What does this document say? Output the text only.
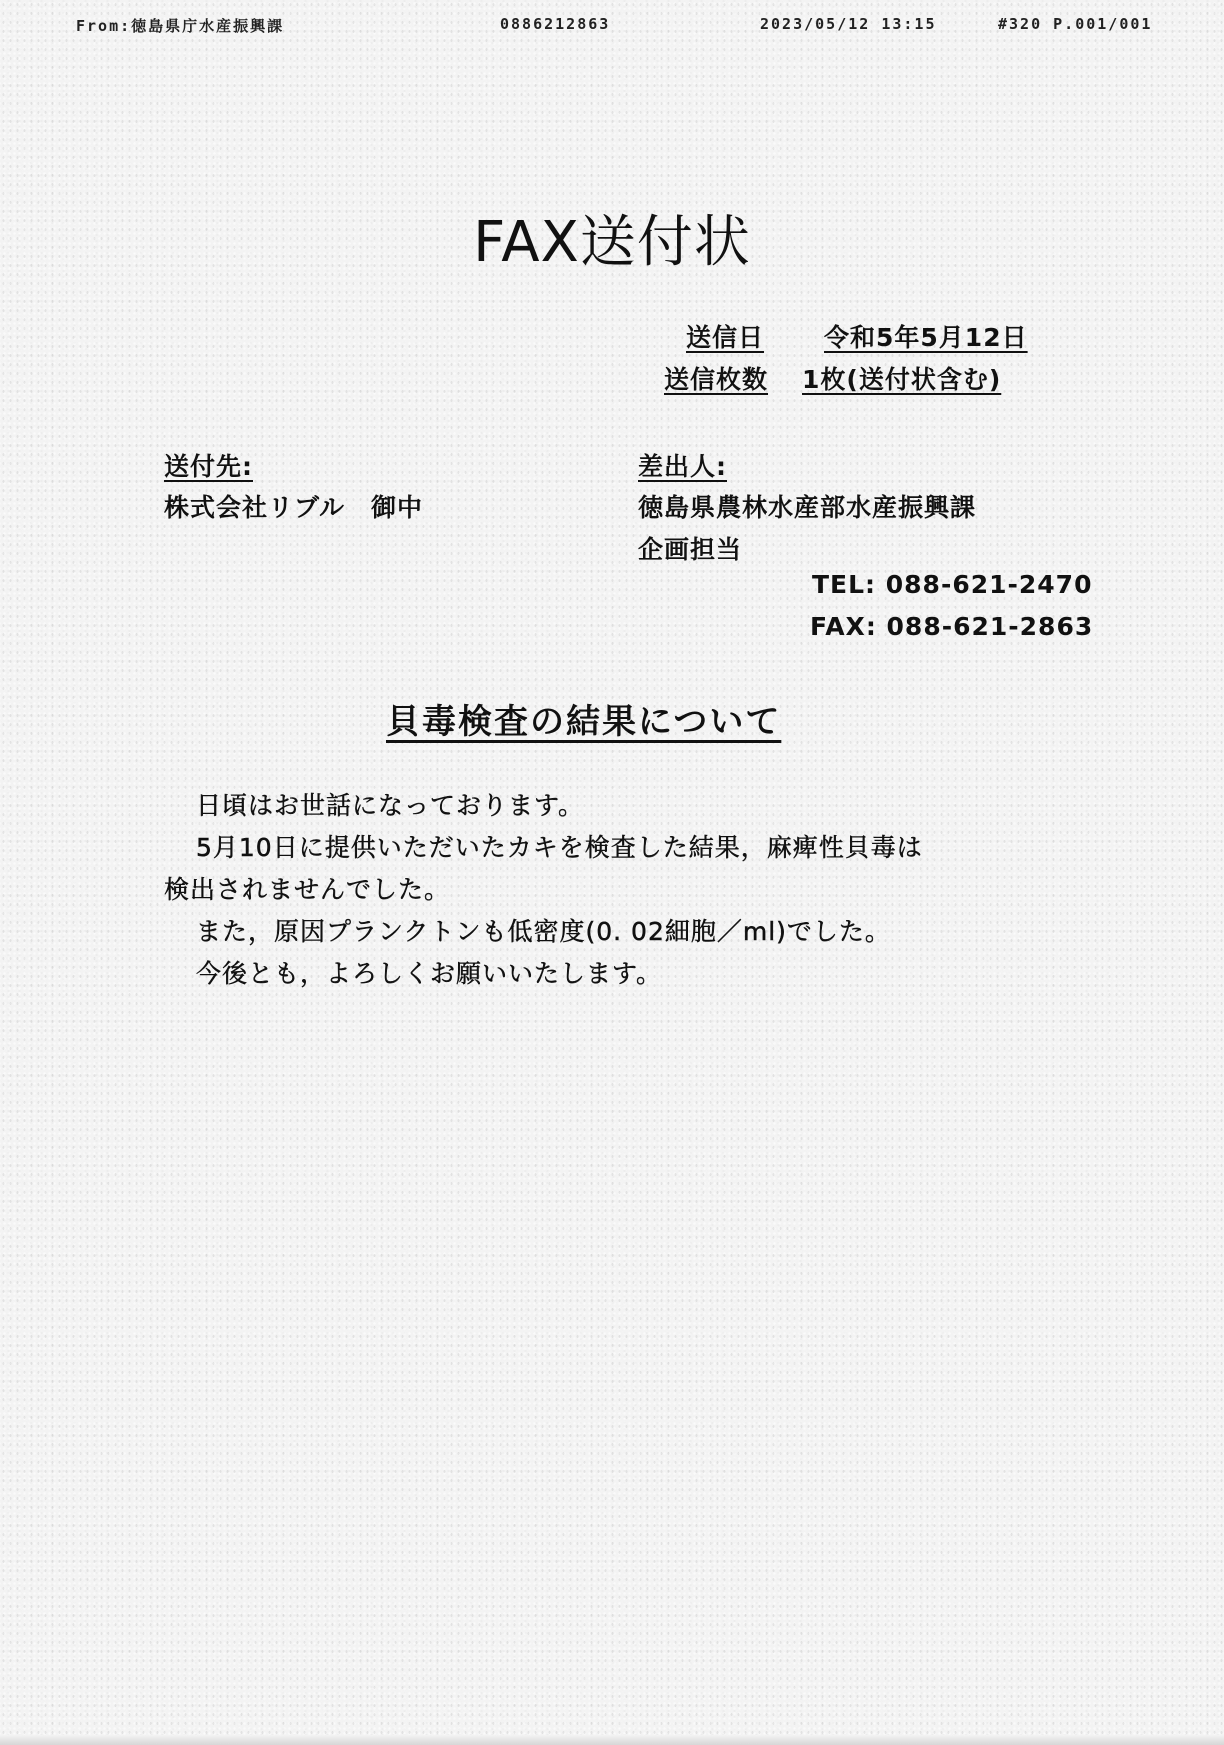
From:徳島県庁水産振興課	0886212863	2023/05/12 13:15	#320 P.001/001
FAX送付状
送信日 令和5年5月12日
送信枚数 1枚(送付状含む)
送付先:
株式会社リブル　御中
差出人:
徳島県農林水産部水産振興課
企画担当
TEL: 088-621-2470
FAX: 088-621-2863
貝毒検査の結果について
日頃はお世話になっております。
5月10日に提供いただいたカキを検査した結果，麻痺性貝毒は
検出されませんでした。
また，原因プランクトンも低密度(0. 02細胞／ml)でした。
今後とも，よろしくお願いいたします。
